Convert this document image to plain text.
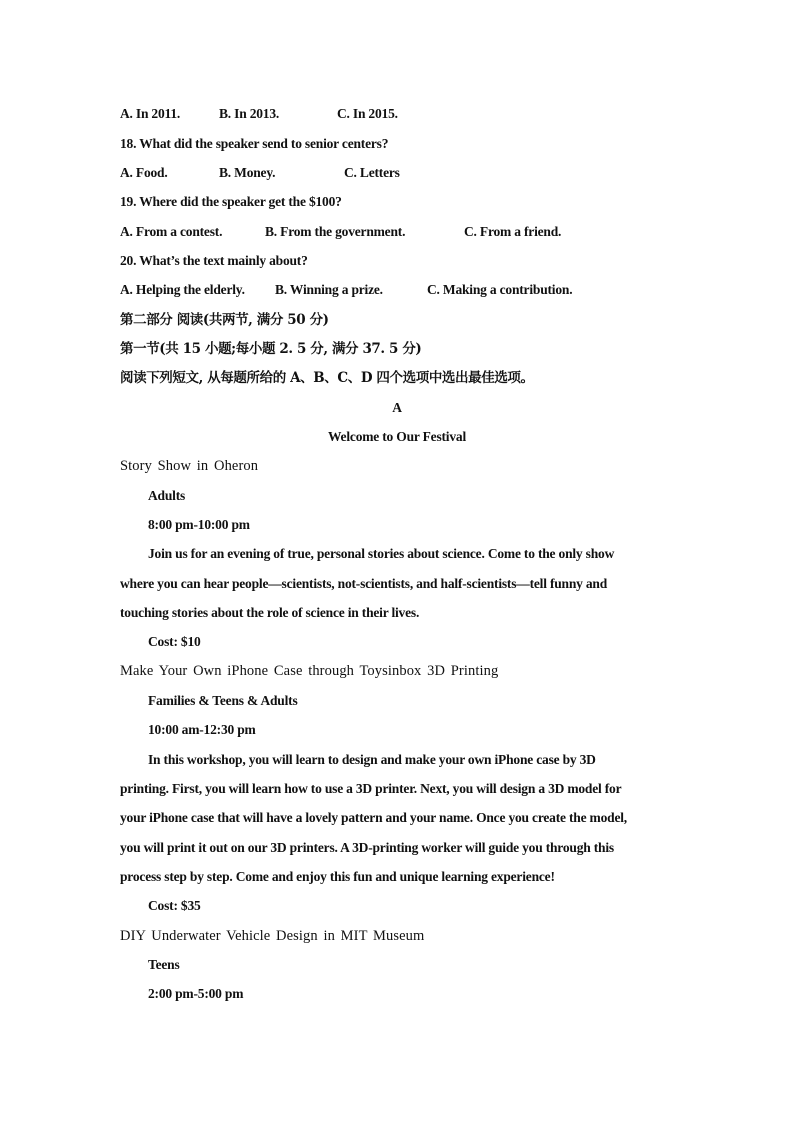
A. In 2011.	B. In 2013.	C. In 2015.
18. What did the speaker send to senior centers?
A. Food.	B. Money.	C. Letters
19. Where did the speaker get the $100?
A. From a contest.	B. From the government.	C. From a friend.
20. What’s the text mainly about?
A. Helping the elderly. B. Winning a prize.	C. Making a contribution.
第二部分 阅读(共两节, 满分 50 分)
第一节(共 15 小题;每小题 2. 5 分, 满分 37. 5 分)
阅读下列短文, 从每题所给的 A、B、C、D 四个选项中选出最佳选项。
A
Welcome to Our Festival
Story Show in Oheron
Adults
8:00 pm-10:00 pm
Join us for an evening of true, personal stories about science. Come to the only show
where you can hear people—scientists, not-scientists, and half-scientists—tell funny and
touching stories about the role of science in their lives.
Cost: $10
Make Your Own iPhone Case through Toysinbox 3D Printing
Families & Teens & Adults
10:00 am-12:30 pm
In this workshop, you will learn to design and make your own iPhone case by 3D
printing. First, you will learn how to use a 3D printer. Next, you will design a 3D model for
your iPhone case that will have a lovely pattern and your name. Once you create the model,
you will print it out on our 3D printers. A 3D-printing worker will guide you through this
process step by step. Come and enjoy this fun and unique learning experience!
Cost: $35
DIY Underwater Vehicle Design in MIT Museum
Teens
2:00 pm-5:00 pm
